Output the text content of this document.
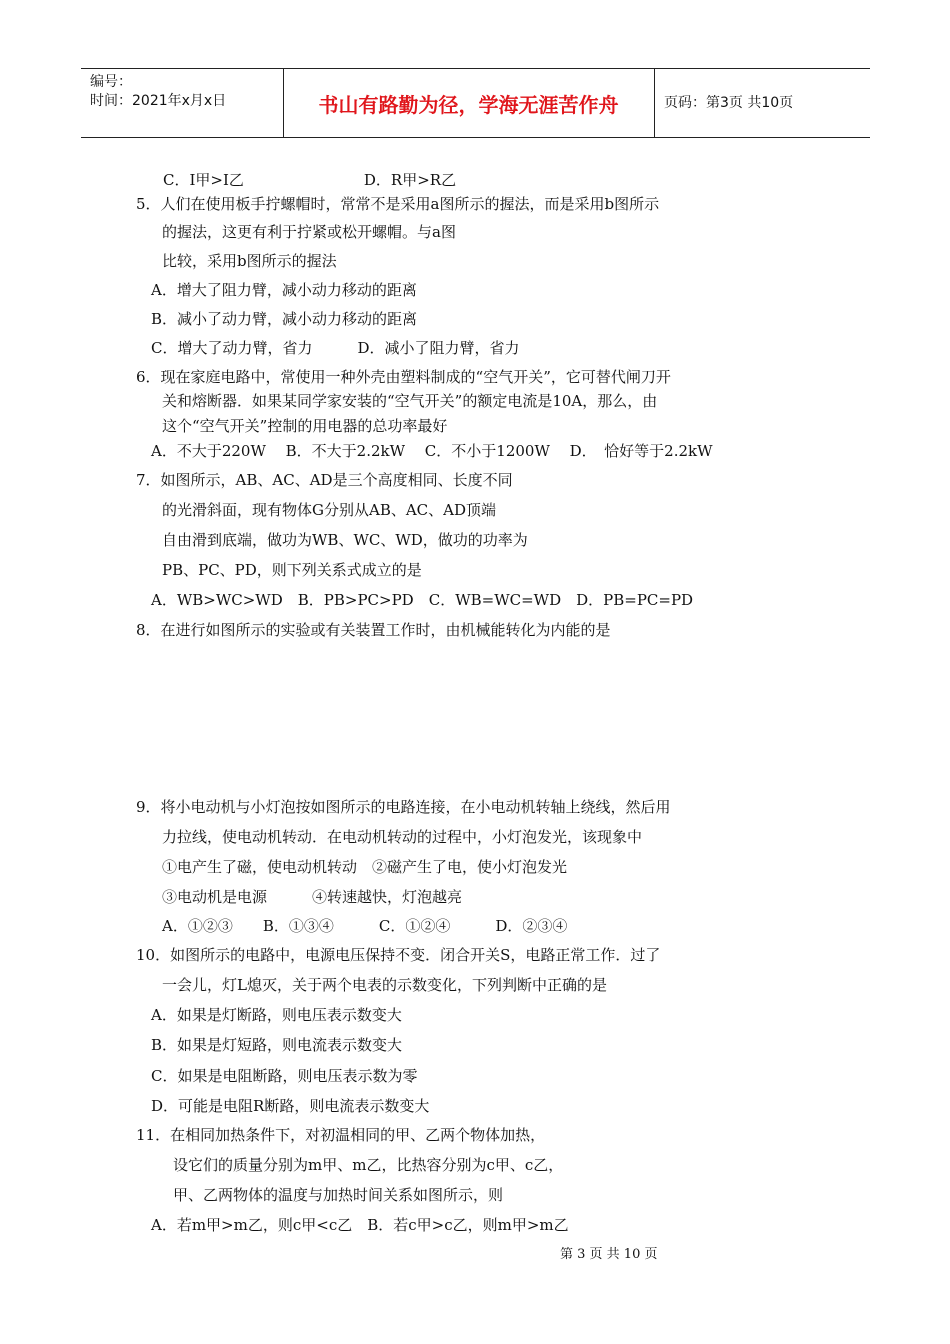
编号：
时间：2021年x月x日	书山有路勤为径，学海无涯苦作舟	页码：第3页 共10页
C．I甲>I乙　　　　　　　　D．R甲>R乙
5．人们在使用板手拧螺帽时，常常不是采用a图所示的握法，而是采用b图所示
的握法，这更有利于拧紧或松开螺帽。与a图
比较，采用b图所示的握法
A．增大了阻力臂，减小动力移动的距离
B．减小了动力臂，减小动力移动的距离
C．增大了动力臂，省力　　　D．减小了阻力臂，省力
6．现在家庭电路中，常使用一种外壳由塑料制成的“空气开关”，它可替代闸刀开
关和熔断器．如果某同学家安装的“空气开关”的额定电流是10A，那么，由
这个“空气开关”控制的用电器的总功率最好
A．不大于220W　 B．不大于2.2kW　 C．不小于1200W　 D．　恰好等于2.2kW
7．如图所示，AB、AC、AD是三个高度相同、长度不同
的光滑斜面，现有物体G分别从AB、AC、AD顶端
自由滑到底端，做功为WB、WC、WD，做功的功率为
PB、PC、PD，则下列关系式成立的是
A．WB>WC>WD　B．PB>PC>PD　C．WB=WC=WD　D．PB=PC=PD
8．在进行如图所示的实验或有关装置工作时，由机械能转化为内能的是
9．将小电动机与小灯泡按如图所示的电路连接，在小电动机转轴上绕线，然后用
力拉线，使电动机转动．在电动机转动的过程中，小灯泡发光，该现象中
①电产生了磁，使电动机转动　②磁产生了电，使小灯泡发光
③电动机是电源　　　④转速越快，灯泡越亮
A．①②③　　B．①③④　　　C．①②④　　　D．②③④
10．如图所示的电路中，电源电压保持不变．闭合开关S，电路正常工作．过了
一会儿，灯L熄灭，关于两个电表的示数变化，下列判断中正确的是
A．如果是灯断路，则电压表示数变大
B．如果是灯短路，则电流表示数变大
C．如果是电阻断路，则电压表示数为零
D．可能是电阻R断路，则电流表示数变大
11．在相同加热条件下，对初温相同的甲、乙两个物体加热，
设它们的质量分别为m甲、m乙，比热容分别为c甲、c乙，
甲、乙两物体的温度与加热时间关系如图所示，则
A．若m甲>m乙，则c甲<c乙　B．若c甲>c乙，则m甲>m乙
第 3 页 共 10 页
